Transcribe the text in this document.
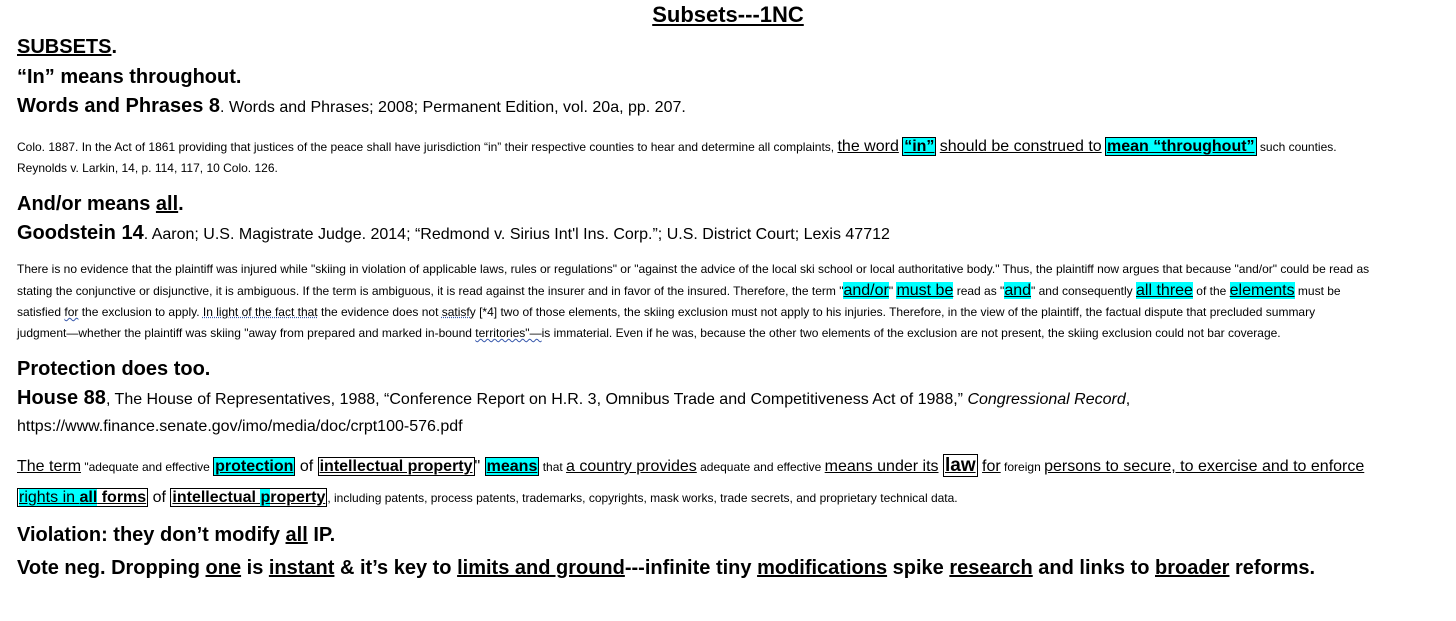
Subsets---1NC
SUBSETS.
“In” means throughout.
Words and Phrases 8. Words and Phrases; 2008; Permanent Edition, vol. 20a, pp. 207.
Colo. 1887. In the Act of 1861 providing that justices of the peace shall have jurisdiction “in” their respective counties to hear and determine all complaints, the word “in” should be construed to mean “throughout” such counties.
Reynolds v. Larkin, 14, p. 114, 117, 10 Colo. 126.
And/or means all.
Goodstein 14. Aaron; U.S. Magistrate Judge. 2014; “Redmond v. Sirius Int'l Ins. Corp.”; U.S. District Court; Lexis 47712
There is no evidence that the plaintiff was injured while "skiing in violation of applicable laws, rules or regulations" or "against the advice of the local ski school or local authoritative body." Thus, the plaintiff now argues that because "and/or" could be read as
stating the conjunctive or disjunctive, it is ambiguous. If the term is ambiguous, it is read against the insurer and in favor of the insured. Therefore, the term "and/or" must be read as "and" and consequently all three of the elements must be
satisfied for the exclusion to apply. In light of the fact that the evidence does not satisfy [*4] two of those elements, the skiing exclusion must not apply to his injuries. Therefore, in the view of the plaintiff, the factual dispute that precluded summary
judgment—whether the plaintiff was skiing "away from prepared and marked in-bound territories"—is immaterial. Even if he was, because the other two elements of the exclusion are not present, the skiing exclusion could not bar coverage.
Protection does too.
House 88, The House of Representatives, 1988, “Conference Report on H.R. 3, Omnibus Trade and Competitiveness Act of 1988,” Congressional Record,
https://www.finance.senate.gov/imo/media/doc/crpt100-576.pdf
The term "adequate and effective protection of intellectual property " means that a country provides adequate and effective means under its law for foreign persons to secure, to exercise and to enforce
rights in all forms of intellectual property , including patents, process patents, trademarks, copyrights, mask works, trade secrets, and proprietary technical data.
Violation: they don’t modify all IP.
Vote neg. Dropping one is instant & it’s key to limits and ground---infinite tiny modifications spike research and links to broader reforms.
